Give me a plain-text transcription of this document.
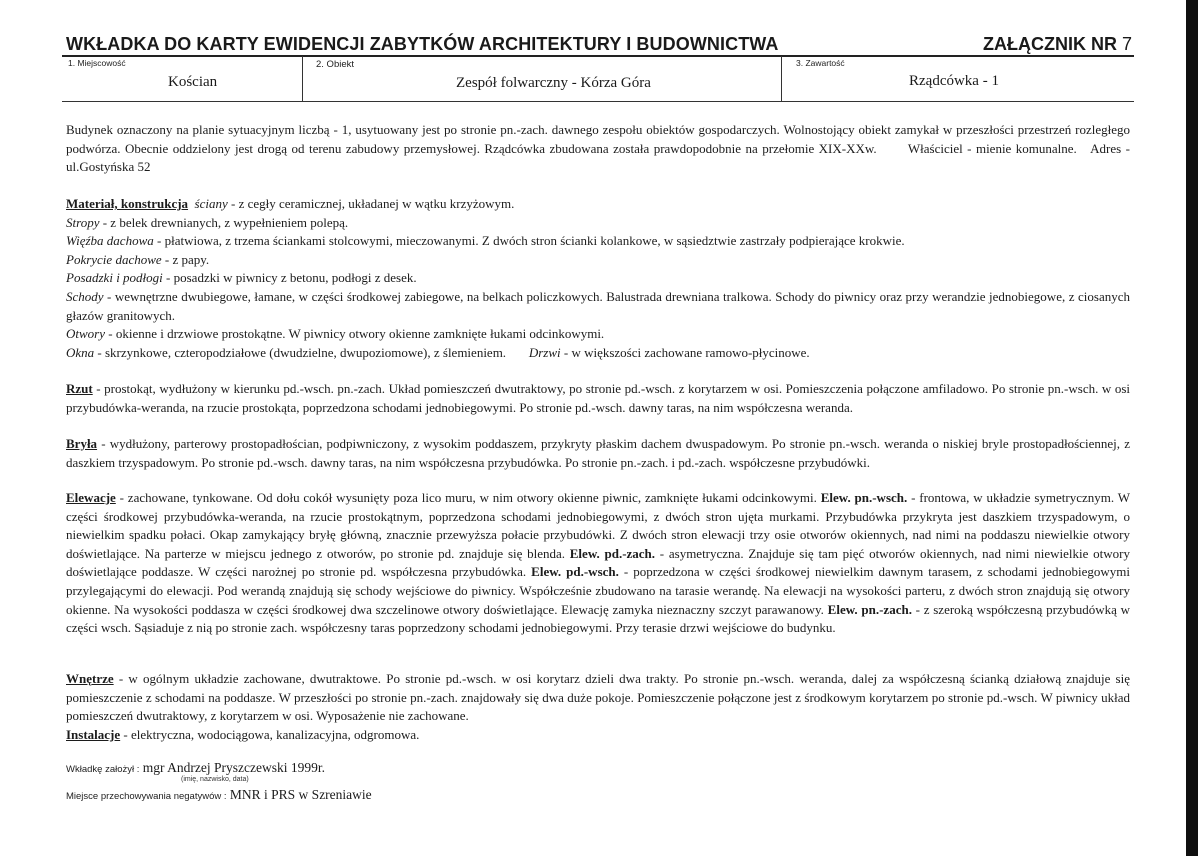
WKŁADKA DO KARTY EWIDENCJI ZABYTKÓW ARCHITEKTURY I BUDOWNICTWA	ZAŁĄCZNIK NR 7
1. Miejscowość
Kościan
2. Obiekt
Zespół folwarczny - Kórza Góra
3. Zawartość
Rządcówka - 1
Budynek oznaczony na planie sytuacyjnym liczbą - 1, usytuowany jest po stronie pn.-zach. dawnego zespołu obiektów gospodarczych. Wolnostojący obiekt zamykał w przeszłości przestrzeń rozległego podwórza. Obecnie oddzielony jest drogą od terenu zabudowy przemysłowej. Rządcówka zbudowana została prawdopodobnie na przełomie XIX-XXw. Właściciel - mienie komunalne. Adres - ul.Gostyńska 52
Materiał, konstrukcja ściany - z cegły ceramicznej, układanej w wątku krzyżowym.
Stropy - z belek drewnianych, z wypełnieniem polepą.
Więźba dachowa - płatwiowa, z trzema ściankami stolcowymi, mieczowanymi. Z dwóch stron ścianki kolankowe, w sąsiedztwie zastrzały podpierające krokwie.
Pokrycie dachowe - z papy.
Posadzki i podłogi - posadzki w piwnicy z betonu, podłogi z desek.
Schody - wewnętrzne dwubiegowe, łamane, w części środkowej zabiegowe, na belkach policzkowych. Balustrada drewniana tralkowa. Schody do piwnicy oraz przy werandzie jednobiegowe, z ciosanych głazów granitowych.
Otwory - okienne i drzwiowe prostokątne. W piwnicy otwory okienne zamknięte łukami odcinkowymi.
Okna - skrzynkowe, czteropodziałowe (dwudzielne, dwupoziomowe), z ślemieniem. Drzwi - w większości zachowane ramowo-płycinowe.
Rzut - prostokąt, wydłużony w kierunku pd.-wsch. pn.-zach. Układ pomieszczeń dwutraktowy, po stronie pd.-wsch. z korytarzem w osi. Pomieszczenia połączone amfiladowo. Po stronie pn.-wsch. w osi przybudówka-weranda, na rzucie prostokąta, poprzedzona schodami jednobiegowymi. Po stronie pd.-wsch. dawny taras, na nim współczesna weranda.
Bryła - wydłużony, parterowy prostopadłościan, podpiwniczony, z wysokim poddaszem, przykryty płaskim dachem dwuspadowym. Po stronie pn.-wsch. weranda o niskiej bryle prostopadłościennej, z daszkiem trzyspadowym. Po stronie pd.-wsch. dawny taras, na nim współczesna przybudówka. Po stronie pn.-zach. i pd.-zach. współczesne przybudówki.
Elewacje - zachowane, tynkowane. Od dołu cokół wysunięty poza lico muru, w nim otwory okienne piwnic, zamknięte łukami odcinkowymi. Elew. pn.-wsch. - frontowa, w układzie symetrycznym. W części środkowej przybudówka-weranda, na rzucie prostokątnym, poprzedzona schodami jednobiegowymi, z dwóch stron ujęta murkami. Przybudówka przykryta jest daszkiem trzyspadowym, o niewielkim spadku połaci. Okap zamykający bryłę główną, znacznie przewyższa połacie przybudówki. Z dwóch stron elewacji trzy osie otworów okiennych, nad nimi na poddaszu niewielkie otwory doświetlające. Na parterze w miejscu jednego z otworów, po stronie pd. znajduje się blenda. Elew. pd.-zach. - asymetryczna. Znajduje się tam pięć otworów okiennych, nad nimi niewielkie otwory doświetlające poddasze. W części narożnej po stronie pd. współczesna przybudówka. Elew. pd.-wsch. - poprzedzona w części środkowej niewielkim dawnym tarasem, z schodami jednobiegowymi przylegającymi do elewacji. Pod werandą znajdują się schody wejściowe do piwnicy. Współcześnie zbudowano na tarasie werandę. Na elewacji na wysokości parteru, z dwóch stron znajdują się otwory okienne. Na wysokości poddasza w części środkowej dwa szczelinowe otwory doświetlające. Elewację zamyka nieznaczny szczyt parawanowy. Elew. pn.-zach. - z szeroką współczesną przybudówką w części wsch. Sąsiaduje z nią po stronie zach. współczesny taras poprzedzony schodami jednobiegowymi. Przy terasie drzwi wejściowe do budynku.
Wnętrze - w ogólnym układzie zachowane, dwutraktowe. Po stronie pd.-wsch. w osi korytarz dzieli dwa trakty. Po stronie pn.-wsch. weranda, dalej za współczesną ścianką działową znajduje się pomieszczenie z schodami na poddasze. W przeszłości po stronie pn.-zach. znajdowały się dwa duże pokoje. Pomieszczenie połączone jest z środkowym korytarzem po stronie pd.-wsch. W piwnicy układ pomieszczeń dwutraktowy, z korytarzem w osi. Wyposażenie nie zachowane.
Instalacje - elektryczna, wodociągowa, kanalizacyjna, odgromowa.
Wkładkę założył : mgr Andrzej Pryszczewski 1999r.
(imię, nazwisko, data)
Miejsce przechowywania negatywów : MNR i PRS w Szreniawie
